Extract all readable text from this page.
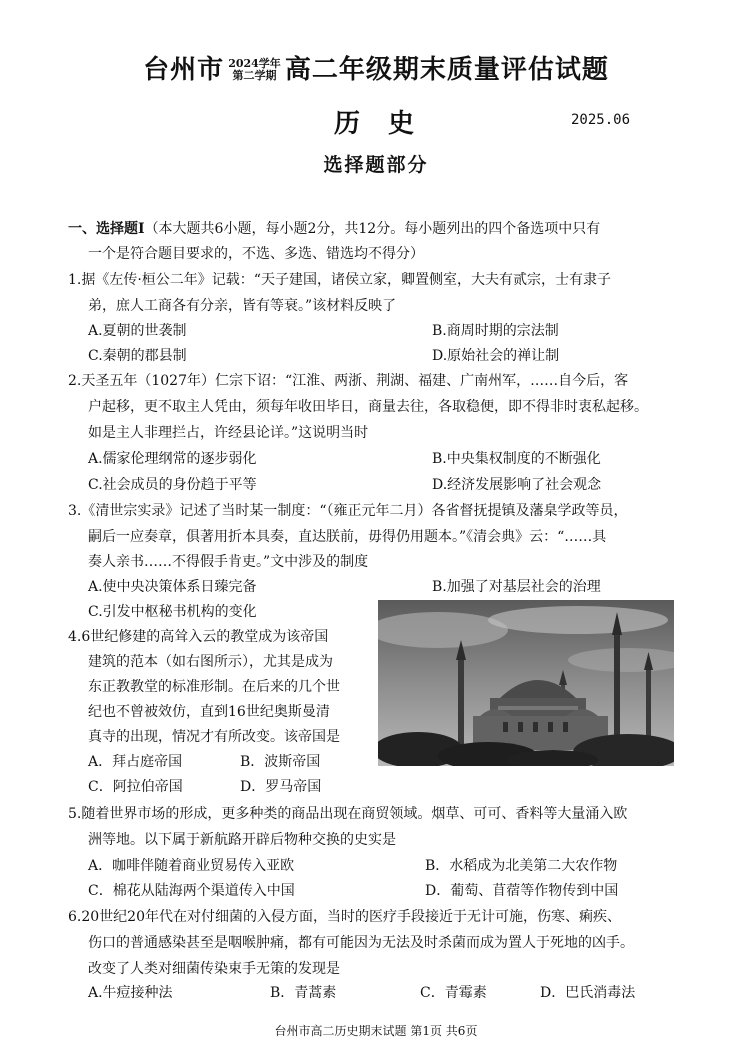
台州市 2024学年
第二学期 高二年级期末质量评估试题
历史	2025.06
选择题部分
一、选择题Ⅰ（本大题共6小题，每小题2分，共12分。每小题列出的四个备选项中只有
一个是符合题目要求的，不选、多选、错选均不得分）
1.据《左传·桓公二年》记载：“天子建国，诸侯立家，卿置侧室，大夫有贰宗，士有隶子
弟，庶人工商各有分亲，皆有等衰。”该材料反映了
A.夏朝的世袭制	B.商周时期的宗法制
C.秦朝的郡县制	D.原始社会的禅让制
2.天圣五年（1027年）仁宗下诏：“江淮、两浙、荆湖、福建、广南州军，……自今后，客
户起移，更不取主人凭由，须每年收田毕日，商量去往，各取稳便，即不得非时衷私起移。
如是主人非理拦占，许经县论详。”这说明当时
A.儒家伦理纲常的逐步弱化	B.中央集权制度的不断强化
C.社会成员的身份趋于平等	D.经济发展影响了社会观念
3.《清世宗实录》记述了当时某一制度：“（雍正元年二月）各省督抚提镇及藩臬学政等员，
嗣后一应奏章，俱著用折本具奏，直达朕前，毋得仍用题本。”《清会典》云：“……具
奏人亲书……不得假手肯吏。”文中涉及的制度
A.使中央决策体系日臻完备	B.加强了对基层社会的治理
C.引发中枢秘书机构的变化
4.6世纪修建的高耸入云的教堂成为该帝国
建筑的范本（如右图所示），尤其是成为
东正教教堂的标准形制。在后来的几个世
纪也不曾被效仿，直到16世纪奥斯曼清
真寺的出现，情况才有所改变。该帝国是
A．拜占庭帝国	B．波斯帝国
C．阿拉伯帝国	D．罗马帝国
5.随着世界市场的形成，更多种类的商品出现在商贸领域。烟草、可可、香料等大量涌入欧
洲等地。以下属于新航路开辟后物种交换的史实是
A．咖啡伴随着商业贸易传入亚欧	B．水稻成为北美第二大农作物
C．棉花从陆海两个渠道传入中国	D．葡萄、苜蓿等作物传到中国
6.20世纪20年代在对付细菌的入侵方面，当时的医疗手段接近于无计可施，伤寒、痢疾、
伤口的普通感染甚至是咽喉肿痛，都有可能因为无法及时杀菌而成为置人于死地的凶手。
改变了人类对细菌传染束手无策的发现是
A.牛痘接种法	B．青蒿素	C．青霉素	D．巴氏消毒法
台州市高二历史期末试题 第1页 共6页
